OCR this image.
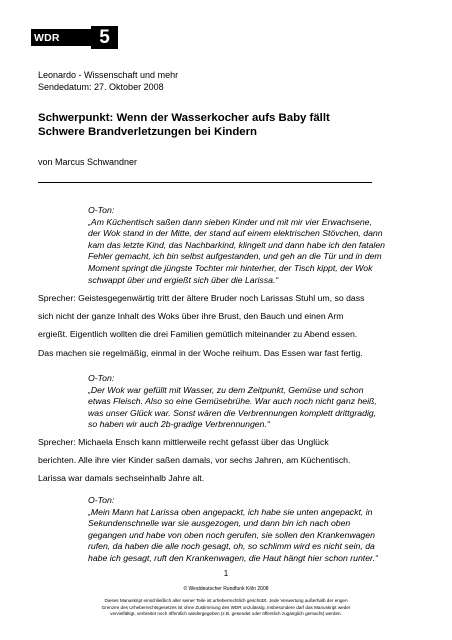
WDR	5
Leonardo - Wissenschaft und mehr
Sendedatum: 27. Oktober 2008
Schwerpunkt: Wenn der Wasserkocher aufs Baby fällt
Schwere Brandverletzungen bei Kindern
von Marcus Schwandner
O-Ton:
„Am Küchentisch saßen dann sieben Kinder und mit mir vier Erwachsene,
der Wok stand in der Mitte, der stand auf einem elektrischen Stövchen, dann
kam das letzte Kind, das Nachbarkind, klingelt und dann habe ich den fatalen
Fehler gemacht, ich bin selbst aufgestanden, und geh an die Tür und in dem
Moment springt die jüngste Tochter mir hinterher, der Tisch kippt, der Wok
schwappt über und ergießt sich über die Larissa.“
Sprecher: Geistesgegenwärtig tritt der ältere Bruder noch Larissas Stuhl um, so dass
sich nicht der ganze Inhalt des Woks über ihre Brust, den Bauch und einen Arm
ergießt. Eigentlich wollten die drei Familien gemütlich miteinander zu Abend essen.
Das machen sie regelmäßig, einmal in der Woche reihum. Das Essen war fast fertig.
O-Ton:
„Der Wok war gefüllt mit Wasser, zu dem Zeitpunkt, Gemüse und schon
etwas Fleisch. Also so eine Gemüsebrühe. War auch noch nicht ganz heiß,
was unser Glück war. Sonst wären die Verbrennungen komplett drittgradig,
so haben wir auch 2b-gradige Verbrennungen.“
Sprecher: Michaela Ensch kann mittlerweile recht gefasst über das Unglück
berichten. Alle ihre vier Kinder saßen damals, vor sechs Jahren, am Küchentisch.
Larissa war damals sechseinhalb Jahre alt.
O-Ton:
„Mein Mann hat Larissa oben angepackt, ich habe sie unten angepackt, in
Sekundenschnelle war sie ausgezogen, und dann bin ich nach oben
gegangen und habe von oben noch gerufen, sie sollen den Krankenwagen
rufen, da haben die alle noch gesagt, oh, so schlimm wird es nicht sein, da
habe ich gesagt, ruft den Krankenwagen, die Haut hängt hier schon runter.“
1
© Westdeutscher Rundfunk Köln 2008
Dieses Manuskript einschließlich aller seiner Teile ist urheberrechtlich geschützt. Jede Verwertung außerhalb der engen
Grenzen des Urheberrechtsgesetzes ist ohne Zustimmung des WDR unzulässig. Insbesondere darf das Manuskript weder
vervielfältigt, verbreitet noch öffentlich wiedergegeben (z.B. gesendet oder öffentlich zugänglich gemacht) werden.
